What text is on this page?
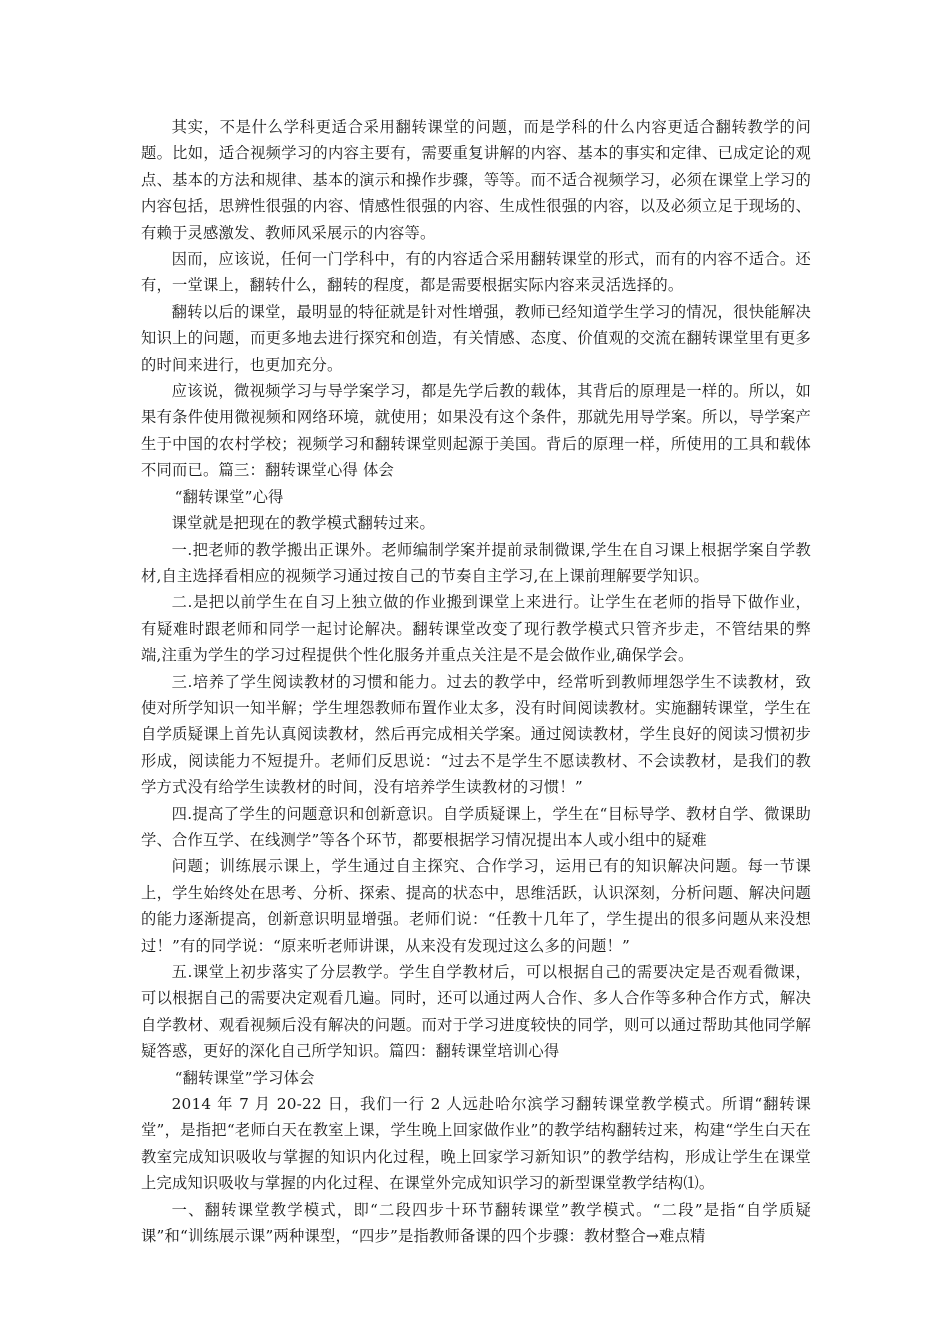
其实，不是什么学科更适合采用翻转课堂的问题，而是学科的什么内容更适合翻转教学的问题。比如，适合视频学习的内容主要有，需要重复讲解的内容、基本的事实和定律、已成定论的观点、基本的方法和规律、基本的演示和操作步骤，等等。而不适合视频学习，必须在课堂上学习的内容包括，思辨性很强的内容、情感性很强的内容、生成性很强的内容，以及必须立足于现场的、有赖于灵感激发、教师风采展示的内容等。

因而，应该说，任何一门学科中，有的内容适合采用翻转课堂的形式，而有的内容不适合。还有，一堂课上，翻转什么，翻转的程度，都是需要根据实际内容来灵活选择的。

翻转以后的课堂，最明显的特征就是针对性增强，教师已经知道学生学习的情况，很快能解决知识上的问题，而更多地去进行探究和创造，有关情感、态度、价值观的交流在翻转课堂里有更多的时间来进行，也更加充分。

应该说，微视频学习与导学案学习，都是先学后教的载体，其背后的原理是一样的。所以，如果有条件使用微视频和网络环境，就使用；如果没有这个条件，那就先用导学案。所以，导学案产生于中国的农村学校；视频学习和翻转课堂则起源于美国。背后的原理一样，所使用的工具和载体不同而已。篇三：翻转课堂心得 体会

“翻转课堂”心得

课堂就是把现在的教学模式翻转过来。

一.把老师的教学搬出正课外。老师编制学案并提前录制微课,学生在自习课上根据学案自学教材,自主选择看相应的视频学习通过按自己的节奏自主学习,在上课前理解要学知识。

二.是把以前学生在自习上独立做的作业搬到课堂上来进行。让学生在老师的指导下做作业，有疑难时跟老师和同学一起讨论解决。翻转课堂改变了现行教学模式只管齐步走，不管结果的弊端,注重为学生的学习过程提供个性化服务并重点关注是不是会做作业,确保学会。

三.培养了学生阅读教材的习惯和能力。过去的教学中，经常听到教师埋怨学生不读教材，致使对所学知识一知半解；学生埋怨教师布置作业太多，没有时间阅读教材。实施翻转课堂，学生在自学质疑课上首先认真阅读教材，然后再完成相关学案。通过阅读教材，学生良好的阅读习惯初步形成，阅读能力不短提升。老师们反思说：“过去不是学生不愿读教材、不会读教材，是我们的教学方式没有给学生读教材的时间，没有培养学生读教材的习惯！”

四.提高了学生的问题意识和创新意识。自学质疑课上，学生在“目标导学、教材自学、微课助学、合作互学、在线测学”等各个环节，都要根据学习情况提出本人或小组中的疑难

问题；训练展示课上，学生通过自主探究、合作学习，运用已有的知识解决问题。每一节课上，学生始终处在思考、分析、探索、提高的状态中，思维活跃，认识深刻，分析问题、解决问题的能力逐渐提高，创新意识明显增强。老师们说：“任教十几年了，学生提出的很多问题从来没想过！”有的同学说：“原来听老师讲课，从来没有发现过这么多的问题！”

五.课堂上初步落实了分层教学。学生自学教材后，可以根据自己的需要决定是否观看微课，可以根据自己的需要决定观看几遍。同时，还可以通过两人合作、多人合作等多种合作方式，解决自学教材、观看视频后没有解决的问题。而对于学习进度较快的同学，则可以通过帮助其他同学解疑答惑，更好的深化自己所学知识。篇四：翻转课堂培训心得

“翻转课堂”学习体会

2014 年 7 月 20-22 日，我们一行 2 人远赴哈尔滨学习翻转课堂教学模式。所谓“翻转课堂”，是指把“老师白天在教室上课，学生晚上回家做作业”的教学结构翻转过来，构建“学生白天在教室完成知识吸收与掌握的知识内化过程，晚上回家学习新知识”的教学结构，形成让学生在课堂上完成知识吸收与掌握的内化过程、在课堂外完成知识学习的新型课堂教学结构⑴。

一、翻转课堂教学模式，即“二段四步十环节翻转课堂”教学模式。“二段”是指“自学质疑课”和“训练展示课”两种课型，“四步”是指教师备课的四个步骤：教材整合→难点精
